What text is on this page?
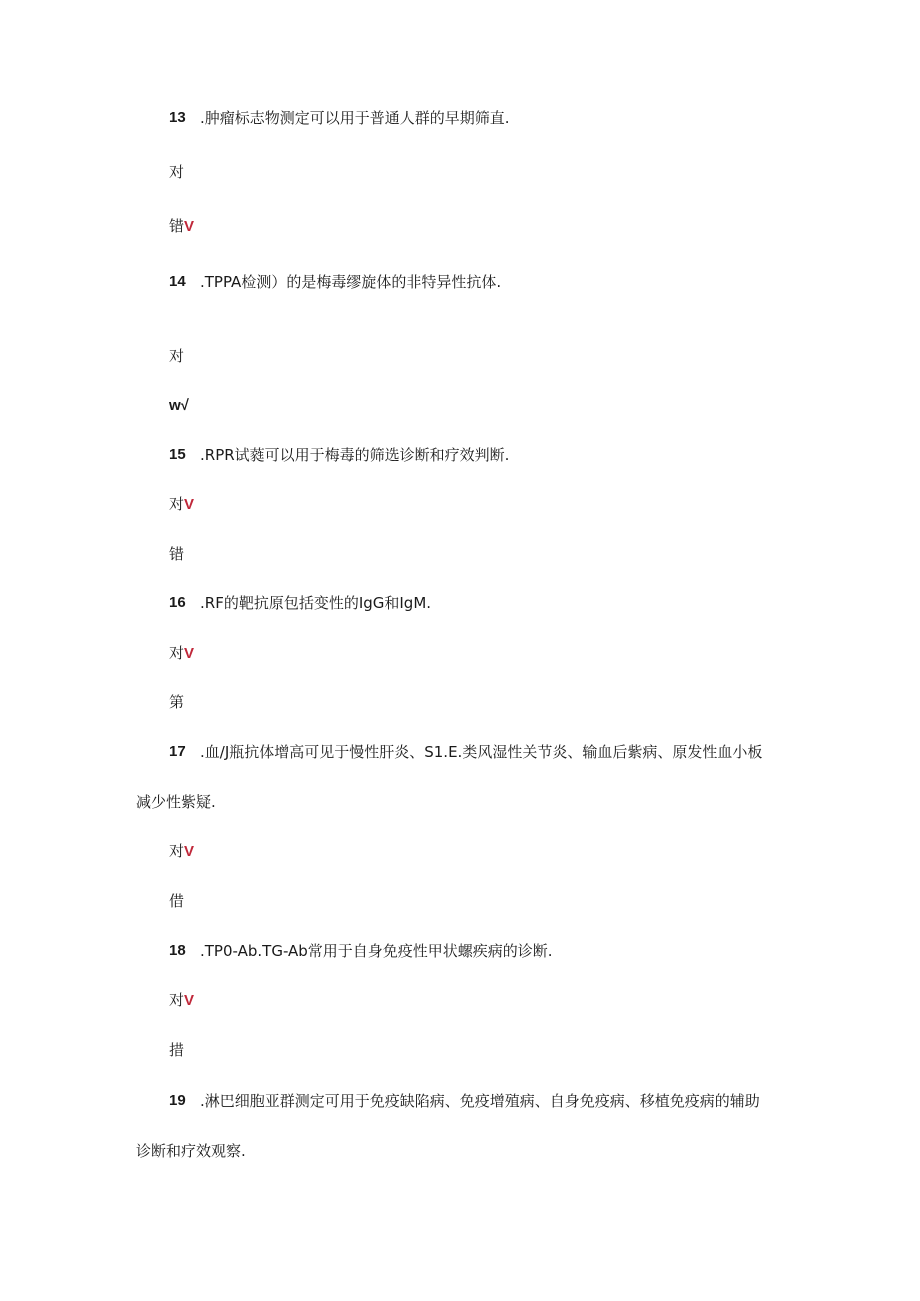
13 .肿瘤标志物测定可以用于普通人群的早期筛直.
对
错V
14 .TPPA检测）的是梅毒缪旋体的非特异性抗体.
对
w√
15 .RPR试蕤可以用于梅毒的筛选诊断和疗效判断.
对V
错
16 .RF的靶抗原包括变性的IgG和IgM.
对V
第
17 .血/J瓶抗体增高可见于慢性肝炎、S1.E.类风湿性关节炎、输血后紫病、原发性血小板
减少性紫疑.
对V
借
18 .TP0-Ab.TG-Ab常用于自身免疫性甲状螺疾病的诊断.
对V
措
19 .淋巴细胞亚群测定可用于免疫缺陷病、免疫增殖病、自身免疫病、移植免疫病的辅助
诊断和疗效观察.
